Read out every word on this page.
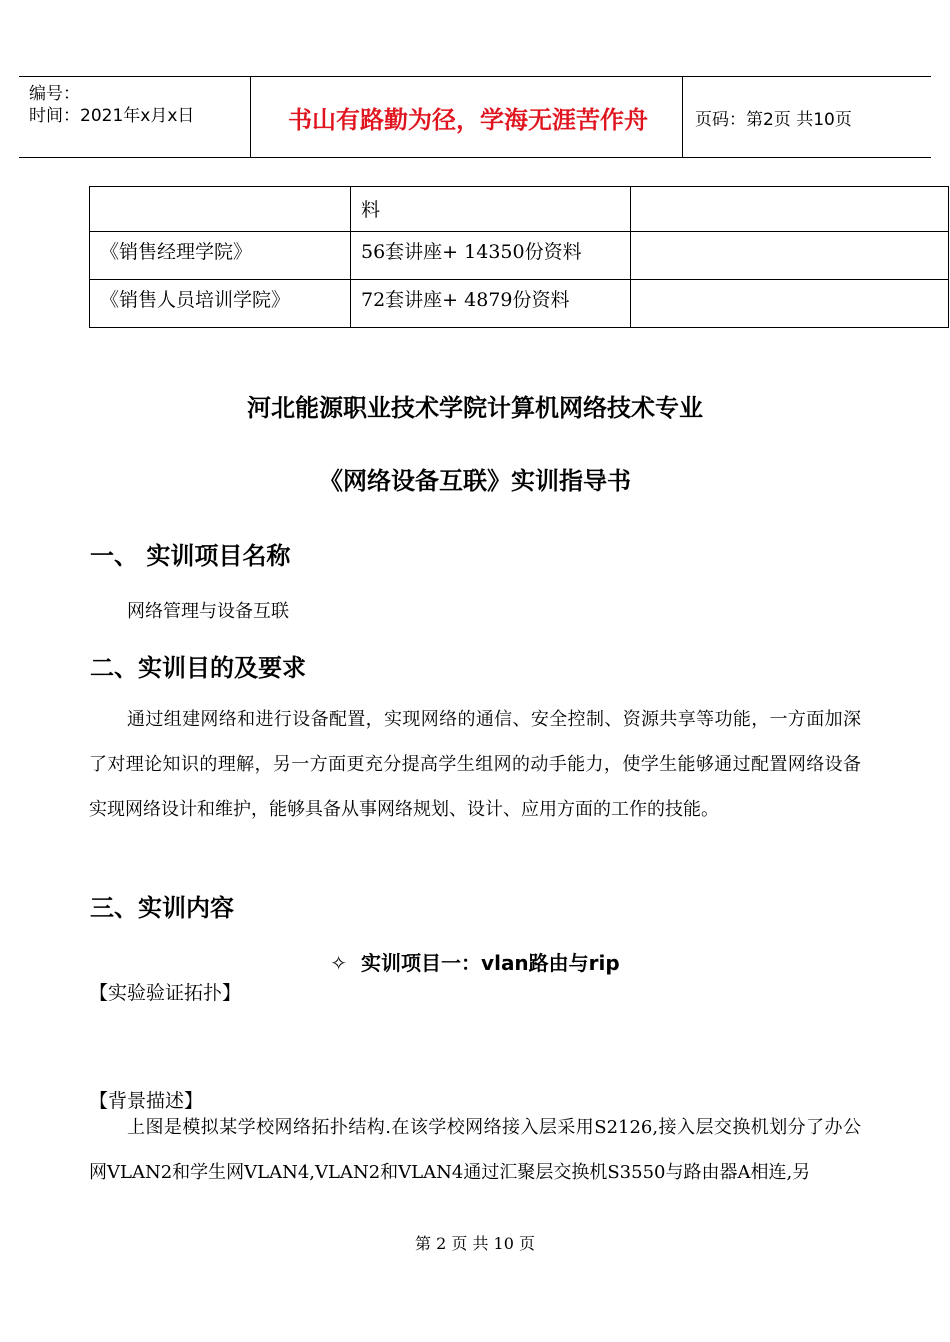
编号：
时间：2021年x月x日	书山有路勤为径，学海无涯苦作舟	页码：第2页 共10页
	料	
《销售经理学院》	56套讲座+ 14350份资料	
《销售人员培训学院》	72套讲座+ 4879份资料	
河北能源职业技术学院计算机网络技术专业
《网络设备互联》实训指导书
一、 实训项目名称
网络管理与设备互联
二、实训目的及要求
通过组建网络和进行设备配置，实现网络的通信、安全控制、资源共享等功能，一方面加深了对理论知识的理解，另一方面更充分提高学生组网的动手能力，使学生能够通过配置网络设备实现网络设计和维护，能够具备从事网络规划、设计、应用方面的工作的技能。
三、实训内容
✧ 实训项目一：vlan路由与rip
【实验验证拓扑】
【背景描述】
上图是模拟某学校网络拓扑结构.在该学校网络接入层采用S2126,接入层交换机划分了办公网VLAN2和学生网VLAN4,VLAN2和VLAN4通过汇聚层交换机S3550与路由器A相连,另
第 2 页 共 10 页
